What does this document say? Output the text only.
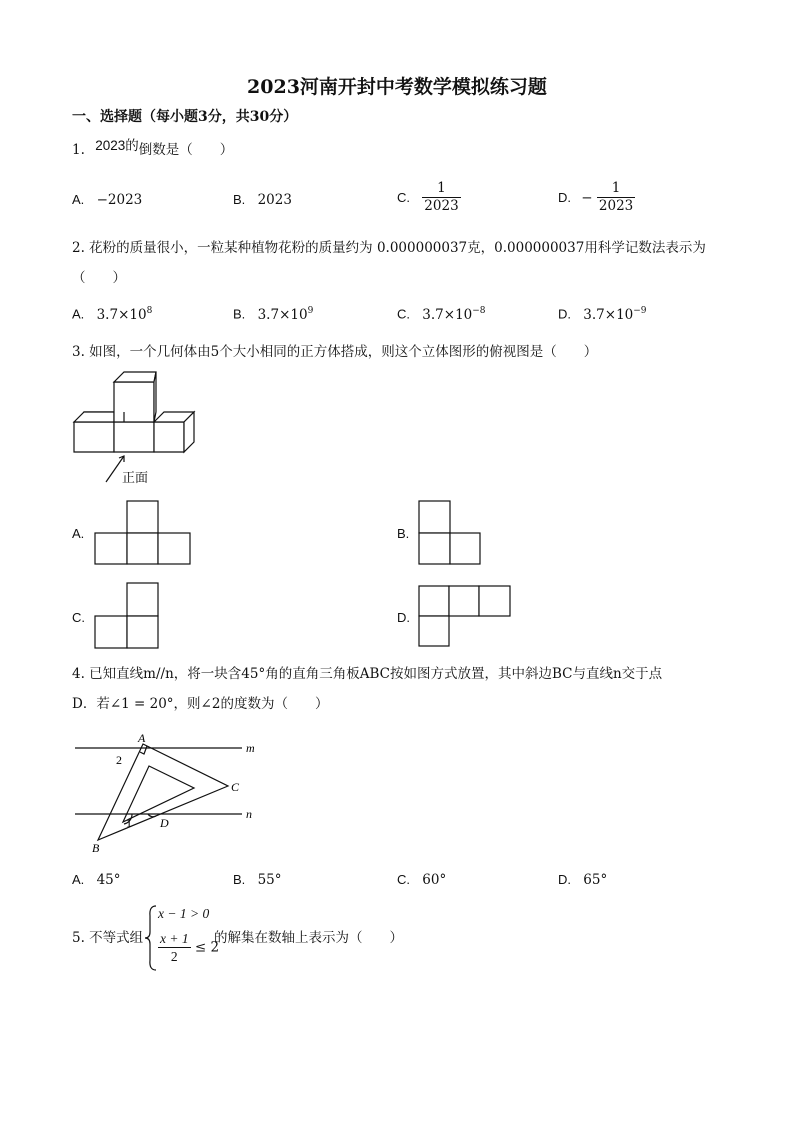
2023河南开封中考数学模拟练习题
一、选择题（每小题3分，共30分）
1. 2023的倒数是（　　）
A. −2023	B. 2023	C. $\frac{1}{2023}$	D. − $\frac{1}{2023}$
2. 花粉的质量很小，一粒某种植物花粉的质量约为 0.000000037克，0.000000037用科学记数法表示为
（　　）
A. $3.7\times 10^8$	B. $3.7\times 10^9$	C. $3.7\times 10^{-8}$	D. $3.7\times 10^{-9}$
3. 如图，一个几何体由5个大小相同的正方体搭成，则这个立体图形的俯视图是（　　）
正面
A.	B.
C.	D.
4. 已知直线m//n，将一块含45°角的直角三角板ABC按如图方式放置，其中斜边BC与直线n交于点
D．若∠1 = 20°，则∠2的度数为（　　）
A
2
m
C
n
1 D
B
A. 45°	B. 55°	C. 60°	D. 65°
5. 不等式组
x − 1 > 0
$\frac{x + 1}{2} \le 2$
的解集在数轴上表示为（　　）
